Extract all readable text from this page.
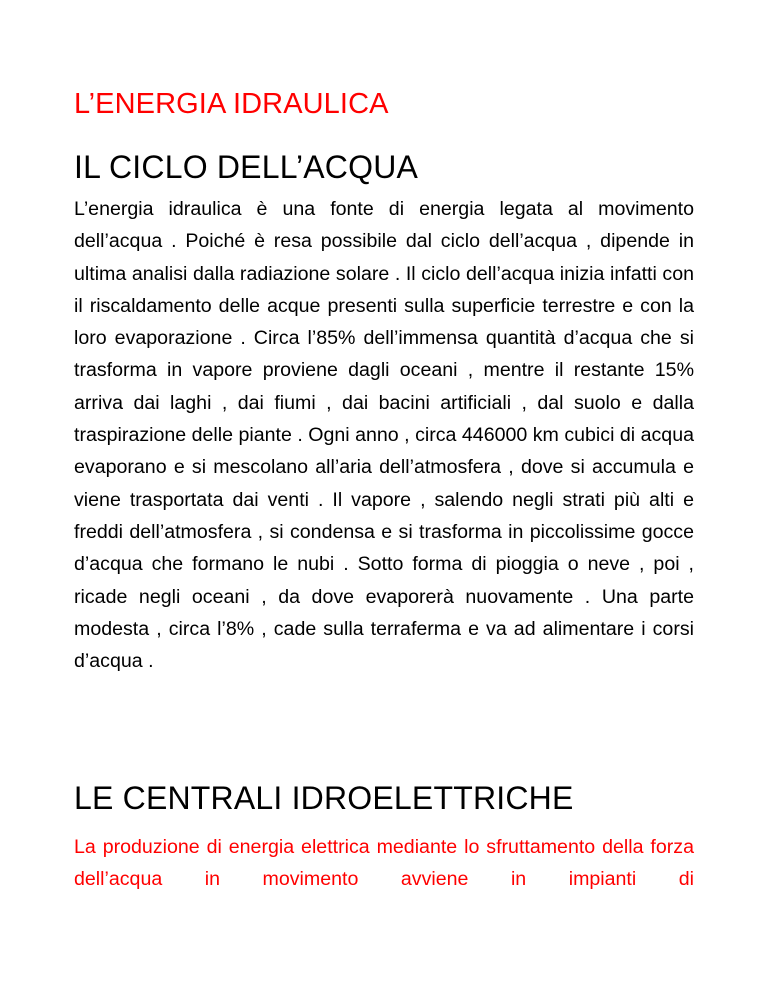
L’ENERGIA IDRAULICA
IL CICLO DELL’ACQUA

L’energia idraulica è una fonte di energia legata al movimento dell’acqua . Poiché è resa possibile dal ciclo dell’acqua , dipende in ultima analisi dalla radiazione solare . Il ciclo dell’acqua inizia infatti con il riscaldamento delle acque presenti sulla superficie terrestre e con la loro evaporazione . Circa l’85% dell’immensa quantità d’acqua che si trasforma in vapore proviene dagli oceani , mentre il restante 15% arriva dai laghi , dai fiumi , dai bacini artificiali , dal suolo e dalla traspirazione delle piante . Ogni anno , circa 446000 km cubici di acqua evaporano e si mescolano all’aria dell’atmosfera , dove si accumula e viene trasportata dai venti . Il vapore , salendo negli strati più alti e freddi dell’atmosfera , si condensa e si trasforma in piccolissime gocce d’acqua che formano le nubi . Sotto forma di pioggia o neve , poi , ricade negli oceani , da dove evaporerà nuovamente . Una parte modesta , circa l’8% , cade sulla terraferma e va ad alimentare i corsi d’acqua .

LE CENTRALI IDROELETTRICHE

La produzione di energia elettrica mediante lo sfruttamento della forza dell’acqua in movimento avviene in impianti di
